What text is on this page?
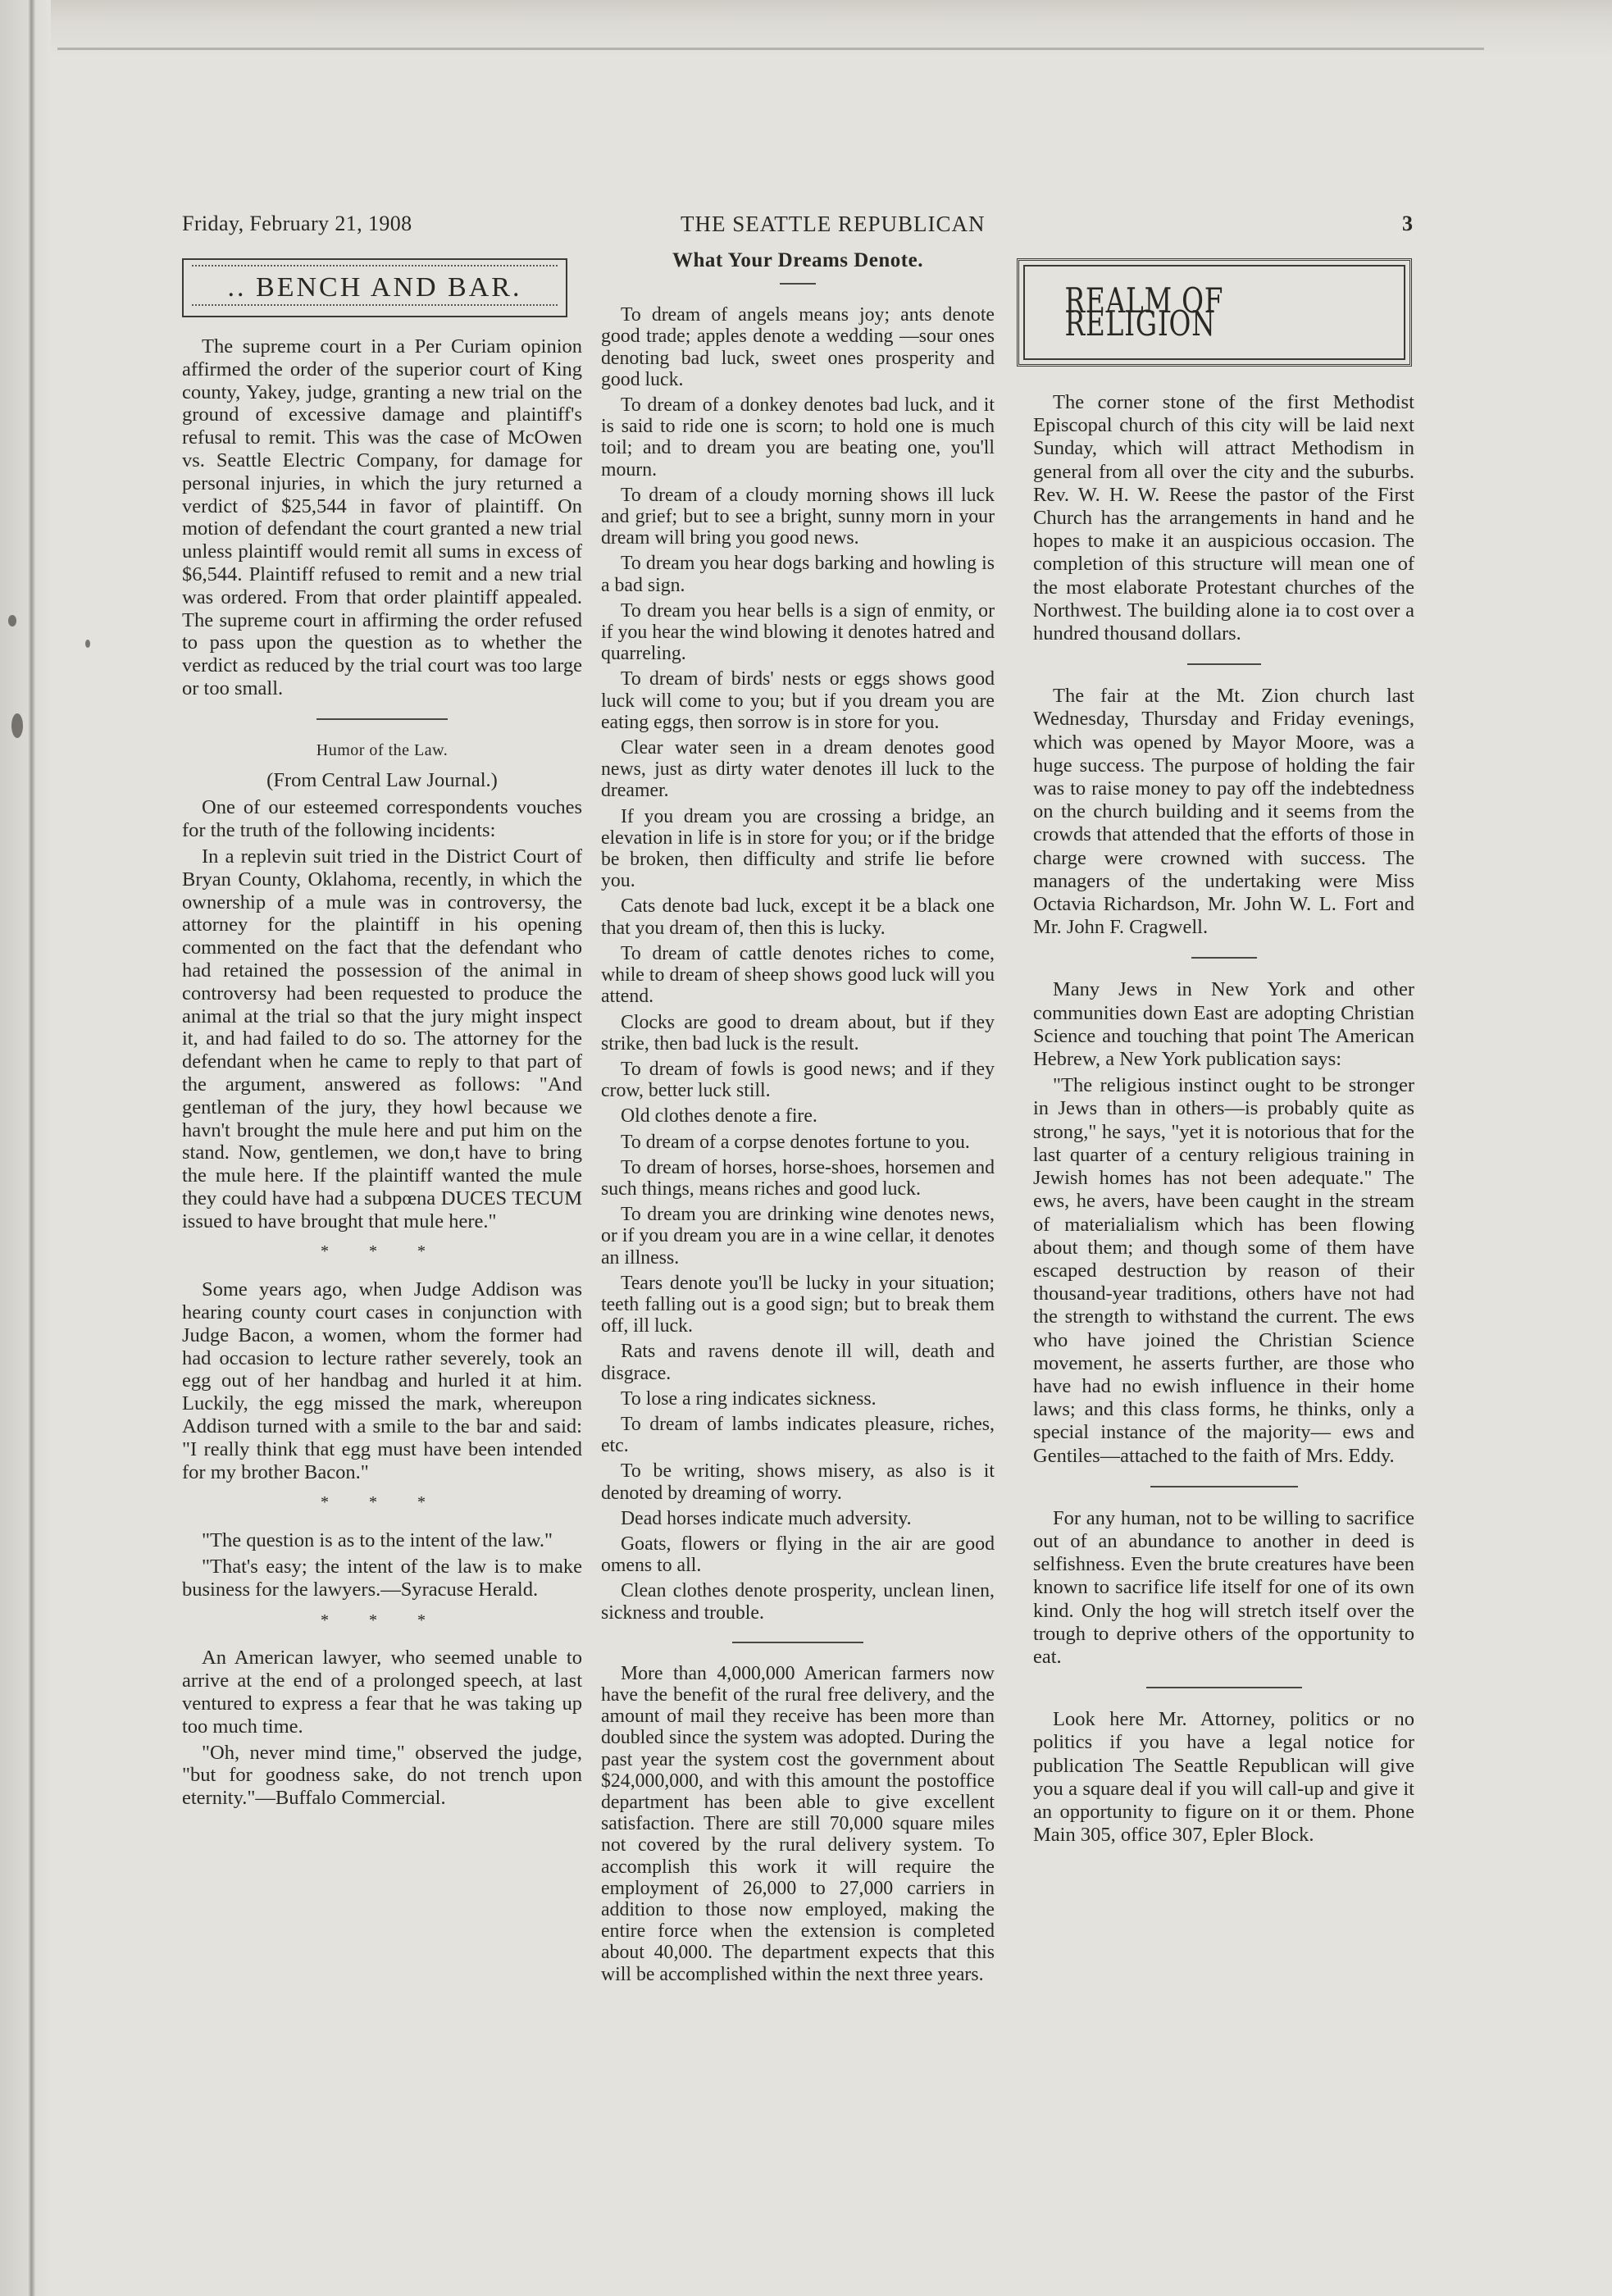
Friday, February 21, 1908	THE SEATTLE REPUBLICAN	3
.. BENCH AND BAR.

The supreme court in a Per Curiam opinion affirmed the order of the superior court of King county, Yakey, judge, granting a new trial on the ground of excessive damage and plaintiff's refusal to remit. This was the case of McOwen vs. Seattle Electric Company, for damage for personal injuries, in which the jury returned a verdict of $25,544 in favor of plaintiff. On motion of defendant the court granted a new trial unless plaintiff would remit all sums in excess of $6,544. Plaintiff refused to remit and a new trial was ordered. From that order plaintiff appealed. The supreme court in affirming the order refused to pass upon the question as to whether the verdict as reduced by the trial court was too large or too small.

Humor of the Law.
(From Central Law Journal.)

One of our esteemed correspondents vouches for the truth of the following incidents:

In a replevin suit tried in the District Court of Bryan County, Oklahoma, recently, in which the ownership of a mule was in controversy, the attorney for the plaintiff in his opening commented on the fact that the defendant who had retained the possession of the animal in controversy had been requested to produce the animal at the trial so that the jury might inspect it, and had failed to do so. The attorney for the defendant when he came to reply to that part of the argument, answered as follows: "And gentleman of the jury, they howl because we havn't brought the mule here and put him on the stand. Now, gentlemen, we don,t have to bring the mule here. If the plaintiff wanted the mule they could have had a subpœna DUCES TECUM issued to have brought that mule here."

* * *

Some years ago, when Judge Addison was hearing county court cases in conjunction with Judge Bacon, a women, whom the former had had occasion to lecture rather severely, took an egg out of her handbag and hurled it at him. Luckily, the egg missed the mark, whereupon Addison turned with a smile to the bar and said: "I really think that egg must have been intended for my brother Bacon."

* * *

"The question is as to the intent of the law."

"That's easy; the intent of the law is to make business for the lawyers.—Syracuse Herald.

* * *

An American lawyer, who seemed unable to arrive at the end of a prolonged speech, at last ventured to express a fear that he was taking up too much time.

"Oh, never mind time," observed the judge, "but for goodness sake, do not trench upon eternity."—Buffalo Commercial.

What Your Dreams Denote.

To dream of angels means joy; ants denote good trade; apples denote a wedding —sour ones denoting bad luck, sweet ones prosperity and good luck.

To dream of a donkey denotes bad luck, and it is said to ride one is scorn; to hold one is much toil; and to dream you are beating one, you'll mourn.

To dream of a cloudy morning shows ill luck and grief; but to see a bright, sunny morn in your dream will bring you good news.

To dream you hear dogs barking and howling is a bad sign.

To dream you hear bells is a sign of enmity, or if you hear the wind blowing it denotes hatred and quarreling.

To dream of birds' nests or eggs shows good luck will come to you; but if you dream you are eating eggs, then sorrow is in store for you.

Clear water seen in a dream denotes good news, just as dirty water denotes ill luck to the dreamer.

If you dream you are crossing a bridge, an elevation in life is in store for you; or if the bridge be broken, then difficulty and strife lie before you.

Cats denote bad luck, except it be a black one that you dream of, then this is lucky.

To dream of cattle denotes riches to come, while to dream of sheep shows good luck will you attend.

Clocks are good to dream about, but if they strike, then bad luck is the result.

To dream of fowls is good news; and if they crow, better luck still.

Old clothes denote a fire.

To dream of a corpse denotes fortune to you.

To dream of horses, horse-shoes, horsemen and such things, means riches and good luck.

To dream you are drinking wine denotes news, or if you dream you are in a wine cellar, it denotes an illness.

Tears denote you'll be lucky in your situation; teeth falling out is a good sign; but to break them off, ill luck.

Rats and ravens denote ill will, death and disgrace.

To lose a ring indicates sickness.

To dream of lambs indicates pleasure, riches, etc.

To be writing, shows misery, as also is it denoted by dreaming of worry.

Dead horses indicate much adversity.

Goats, flowers or flying in the air are good omens to all.

Clean clothes denote prosperity, unclean linen, sickness and trouble.

More than 4,000,000 American farmers now have the benefit of the rural free delivery, and the amount of mail they receive has been more than doubled since the system was adopted. During the past year the system cost the government about $24,000,000, and with this amount the postoffice department has been able to give excellent satisfaction. There are still 70,000 square miles not covered by the rural delivery system. To accomplish this work it will require the employment of 26,000 to 27,000 carriers in addition to those now employed, making the entire force when the extension is completed about 40,000. The department expects that this will be accomplished within the next three years.

REALM OF RELIGION

The corner stone of the first Methodist Episcopal church of this city will be laid next Sunday, which will attract Methodism in general from all over the city and the suburbs. Rev. W. H. W. Reese the pastor of the First Church has the arrangements in hand and he hopes to make it an auspicious occasion. The completion of this structure will mean one of the most elaborate Protestant churches of the Northwest. The building alone ia to cost over a hundred thousand dollars.

The fair at the Mt. Zion church last Wednesday, Thursday and Friday evenings, which was opened by Mayor Moore, was a huge success. The purpose of holding the fair was to raise money to pay off the indebtedness on the church building and it seems from the crowds that attended that the efforts of those in charge were crowned with success. The managers of the undertaking were Miss Octavia Richardson, Mr. John W. L. Fort and Mr. John F. Cragwell.

Many Jews in New York and other communities down East are adopting Christian Science and touching that point The American Hebrew, a New York publication says:

"The religious instinct ought to be stronger in Jews than in others—is probably quite as strong," he says, "yet it is notorious that for the last quarter of a century religious training in Jewish homes has not been adequate." The ews, he avers, have been caught in the stream of materialialism which has been flowing about them; and though some of them have escaped destruction by reason of their thousand-year traditions, others have not had the strength to withstand the current. The ews who have joined the Christian Science movement, he asserts further, are those who have had no ewish influence in their home laws; and this class forms, he thinks, only a special instance of the majority— ews and Gentiles—attached to the faith of Mrs. Eddy.

For any human, not to be willing to sacrifice out of an abundance to another in deed is selfishness. Even the brute creatures have been known to sacrifice life itself for one of its own kind. Only the hog will stretch itself over the trough to deprive others of the opportunity to eat.

Look here Mr. Attorney, politics or no politics if you have a legal notice for publication The Seattle Republican will give you a square deal if you will call-up and give it an opportunity to figure on it or them. Phone Main 305, office 307, Epler Block.
